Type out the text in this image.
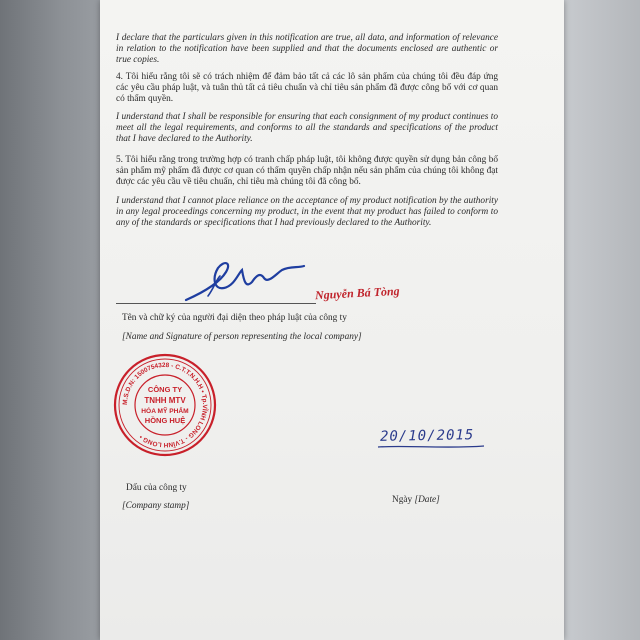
I declare that the particulars given in this notification are true, all data, and information of relevance in relation to the notification have been supplied and that the documents enclosed are authentic or true copies.
4. Tôi hiểu rằng tôi sẽ có trách nhiệm để đảm bảo tất cả các lô sản phẩm của chúng tôi đều đáp ứng các yêu cầu pháp luật, và tuân thủ tất cả tiêu chuẩn và chỉ tiêu sản phẩm đã được công bố với cơ quan có thẩm quyền.
I understand that I shall be responsible for ensuring that each consignment of my product continues to meet all the legal requirements, and conforms to all the standards and specifications of the product that I have declared to the Authority.
5. Tôi hiểu rằng trong trường hợp có tranh chấp pháp luật, tôi không được quyền sử dụng bản công bố sản phẩm mỹ phẩm đã được cơ quan có thẩm quyền chấp nhận nếu sản phẩm của chúng tôi không đạt được các yêu cầu về tiêu chuẩn, chỉ tiêu mà chúng tôi đã công bố.
I understand that I cannot place reliance on the acceptance of my product notification by the authority in any legal proceedings concerning my product, in the event that my product has failed to conform to any of the standards or specifications that I had previously declared to the Authority.
Nguyễn Bá Tòng
Tên và chữ ký của người đại diện theo pháp luật của công ty
[Name and Signature of person representing the local company]
M.S.D.N: 1500754328 - C.T.T.N.H.H • Tp.VĨNH LONG - T.VĨNH LONG •
CÔNG TY
TNHH MTV
HÓA MỸ PHẨM
HỒNG HUỆ
Dấu của công ty
[Company stamp]
20/10/2015
Ngày [Date]
